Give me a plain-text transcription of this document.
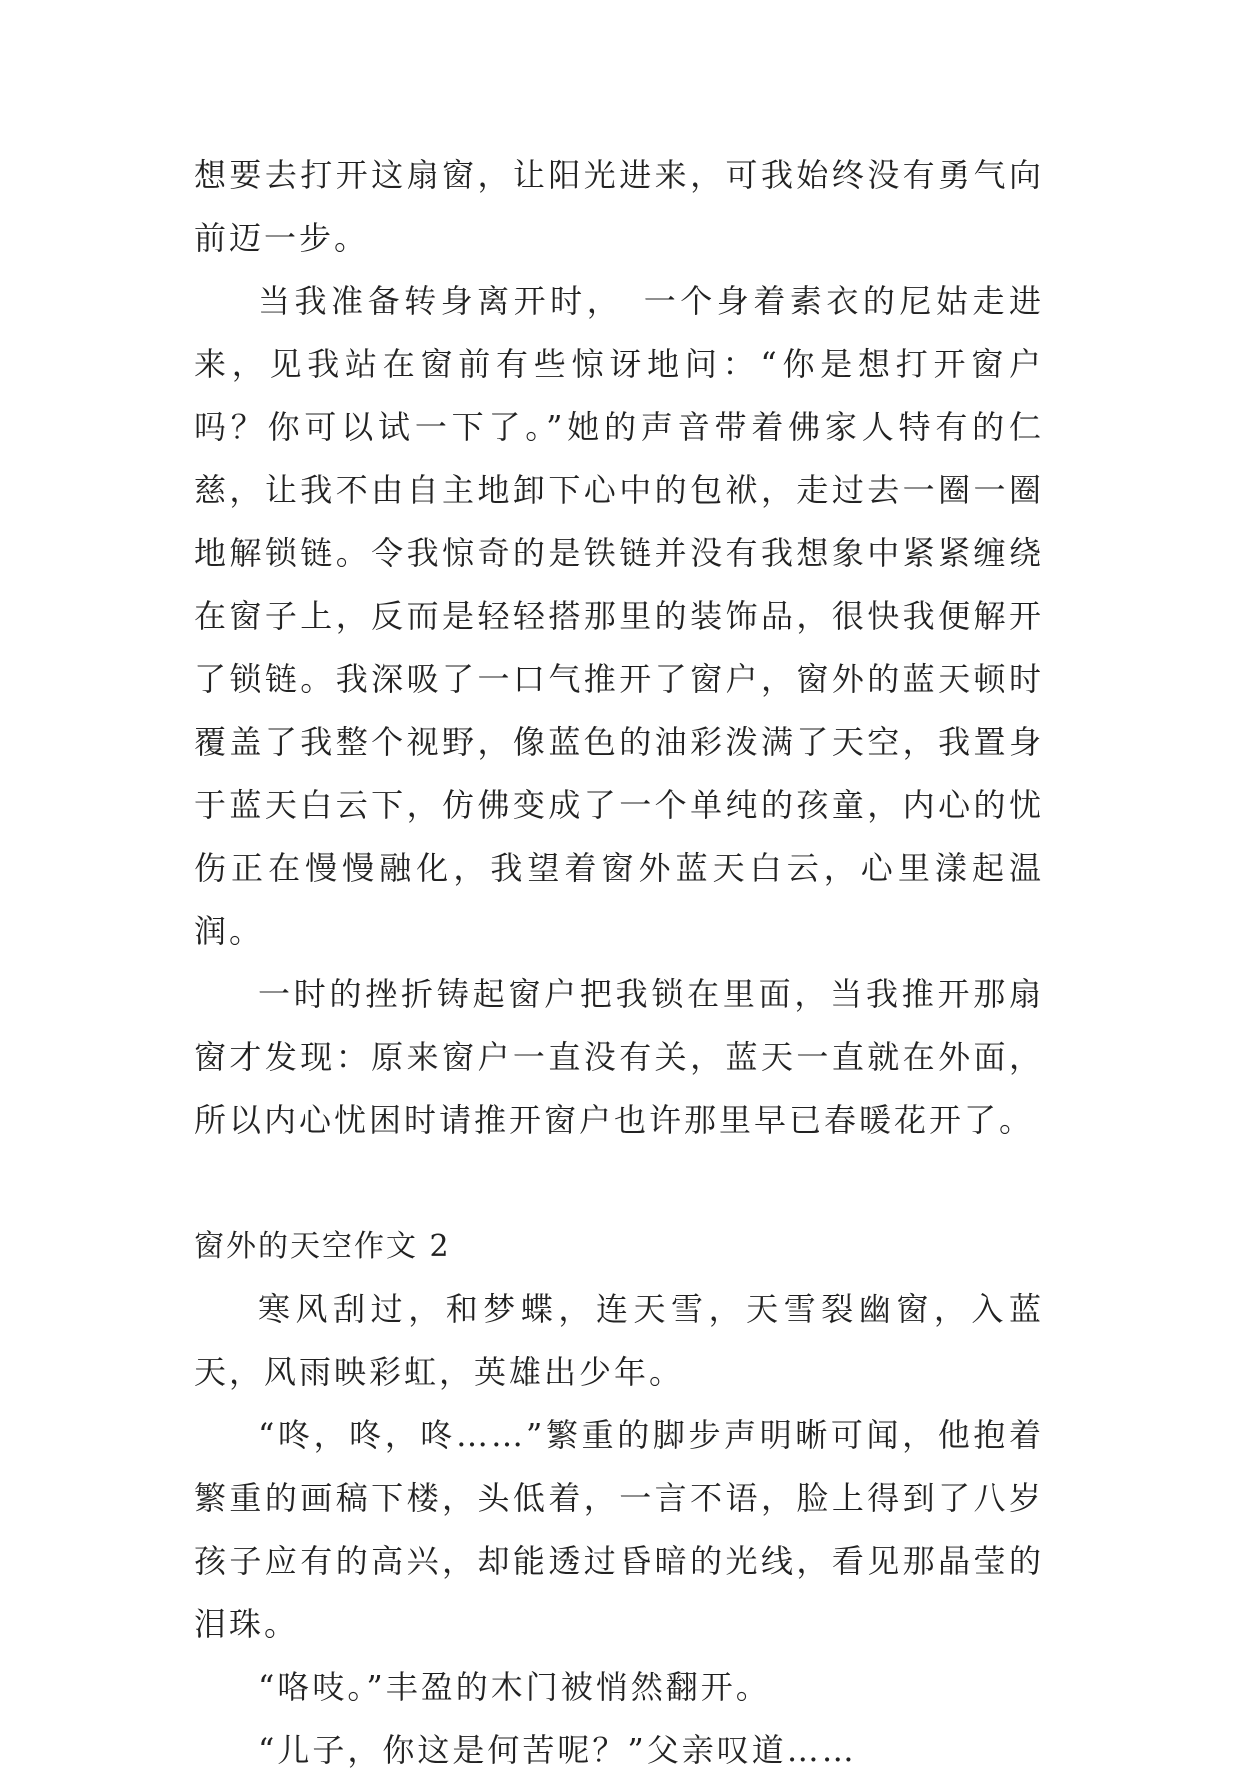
想要去打开这扇窗，让阳光进来，可我始终没有勇气向前迈一步。

当我准备转身离开时，　一个身着素衣的尼姑走进来，见我站在窗前有些惊讶地问：“你是想打开窗户吗？你可以试一下了。”她的声音带着佛家人特有的仁慈，让我不由自主地卸下心中的包袱，走过去一圈一圈地解锁链。令我惊奇的是铁链并没有我想象中紧紧缠绕在窗子上，反而是轻轻搭那里的装饰品，很快我便解开了锁链。我深吸了一口气推开了窗户，窗外的蓝天顿时覆盖了我整个视野，像蓝色的油彩泼满了天空，我置身于蓝天白云下，仿佛变成了一个单纯的孩童，内心的忧伤正在慢慢融化，我望着窗外蓝天白云，心里漾起温润。

一时的挫折铸起窗户把我锁在里面，当我推开那扇窗才发现：原来窗户一直没有关，蓝天一直就在外面，所以内心忧困时请推开窗户也许那里早已春暖花开了。

窗外的天空作文 2

寒风刮过，和梦蝶，连天雪，天雪裂幽窗，入蓝天，风雨映彩虹，英雄出少年。

“咚，咚，咚……”繁重的脚步声明晰可闻，他抱着繁重的画稿下楼，头低着，一言不语，脸上得到了八岁孩子应有的高兴，却能透过昏暗的光线，看见那晶莹的泪珠。

“咯吱。”丰盈的木门被悄然翻开。

“儿子，你这是何苦呢？”父亲叹道……
